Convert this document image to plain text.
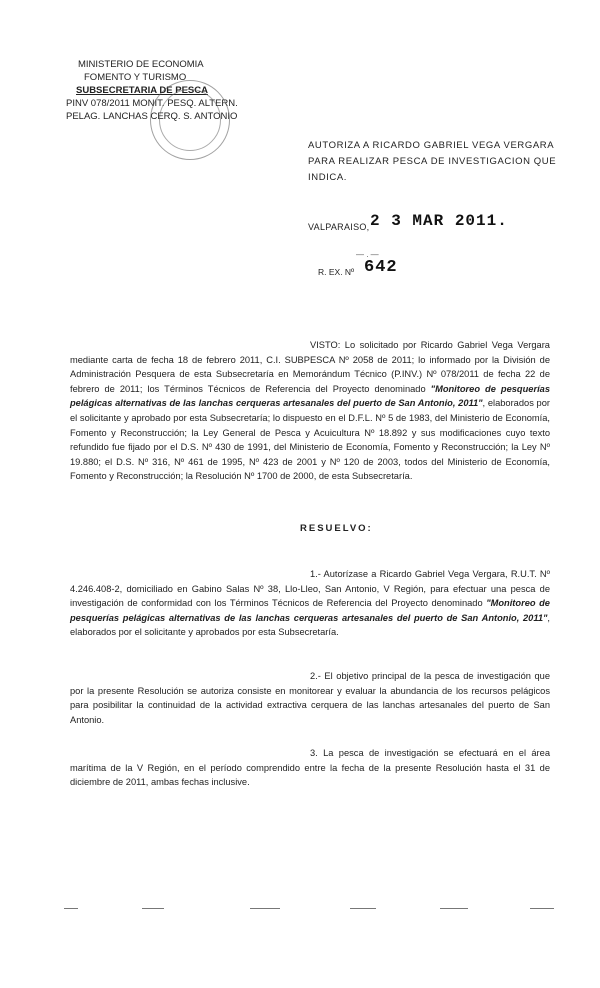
MINISTERIO DE ECONOMIA
FOMENTO Y TURISMO
SUBSECRETARIA DE PESCA
PINV 078/2011 MONIT. PESQ. ALTERN.
PELAG. LANCHAS CERQ. S. ANTONIO
AUTORIZA A RICARDO GABRIEL VEGA VERGARA PARA REALIZAR PESCA DE INVESTIGACION QUE INDICA.
VALPARAISO, 2 3 MAR 2011.
— . —
R. EX. Nº 642
VISTO: Lo solicitado por Ricardo Gabriel Vega Vergara mediante carta de fecha 18 de febrero 2011, C.I. SUBPESCA Nº 2058 de 2011; lo informado por la División de Administración Pesquera de esta Subsecretaría en Memorándum Técnico (P.INV.) Nº 078/2011 de fecha 22 de febrero de 2011; los Términos Técnicos de Referencia del Proyecto denominado "Monitoreo de pesquerías pelágicas alternativas de las lanchas cerqueras artesanales del puerto de San Antonio, 2011", elaborados por el solicitante y aprobado por esta Subsecretaría; lo dispuesto en el D.F.L. Nº 5 de 1983, del Ministerio de Economía, Fomento y Reconstrucción; la Ley General de Pesca y Acuicultura Nº 18.892 y sus modificaciones cuyo texto refundido fue fijado por el D.S. Nº 430 de 1991, del Ministerio de Economía, Fomento y Reconstrucción; la Ley Nº 19.880; el D.S. Nº 316, Nº 461 de 1995, Nº 423 de 2001 y Nº 120 de 2003, todos del Ministerio de Economía, Fomento y Reconstrucción; la Resolución Nº 1700 de 2000, de esta Subsecretaría.
RESUELVO:
1.- Autorízase a Ricardo Gabriel Vega Vergara, R.U.T. Nº 4.246.408-2, domiciliado en Gabino Salas Nº 38, Llo-Lleo, San Antonio, V Región, para efectuar una pesca de investigación de conformidad con los Términos Técnicos de Referencia del Proyecto denominado "Monitoreo de pesquerías pelágicas alternativas de las lanchas cerqueras artesanales del puerto de San Antonio, 2011", elaborados por el solicitante y aprobados por esta Subsecretaría.
2.- El objetivo principal de la pesca de investigación que por la presente Resolución se autoriza consiste en monitorear y evaluar la abundancia de los recursos pelágicos para posibilitar la continuidad de la actividad extractiva cerquera de las lanchas artesanales del puerto de San Antonio.
3. La pesca de investigación se efectuará en el área marítima de la V Región, en el período comprendido entre la fecha de la presente Resolución hasta el 31 de diciembre de 2011, ambas fechas inclusive.
